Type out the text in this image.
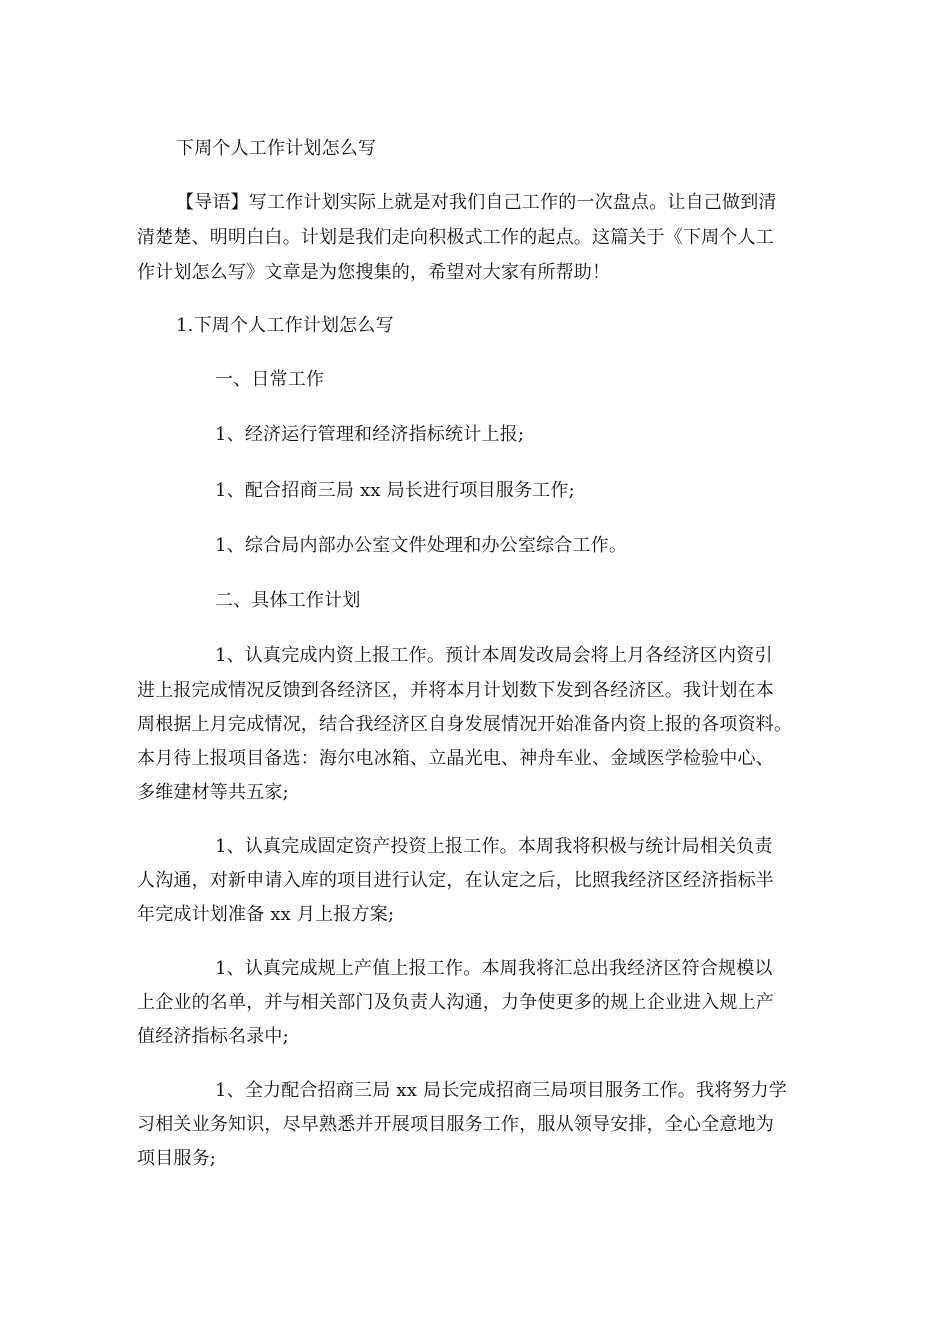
下周个人工作计划怎么写
【导语】写工作计划实际上就是对我们自己工作的一次盘点。让自己做到清
清楚楚、明明白白。计划是我们走向积极式工作的起点。这篇关于《下周个人工
作计划怎么写》文章是为您搜集的，希望对大家有所帮助！
1.下周个人工作计划怎么写
一、日常工作
1、经济运行管理和经济指标统计上报;
1、配合招商三局 xx 局长进行项目服务工作;
1、综合局内部办公室文件处理和办公室综合工作。
二、具体工作计划
1、认真完成内资上报工作。预计本周发改局会将上月各经济区内资引
进上报完成情况反馈到各经济区，并将本月计划数下发到各经济区。我计划在本
周根据上月完成情况，结合我经济区自身发展情况开始准备内资上报的各项资料。
本月待上报项目备选：海尔电冰箱、立晶光电、神舟车业、金域医学检验中心、
多维建材等共五家;
1、认真完成固定资产投资上报工作。本周我将积极与统计局相关负责
人沟通，对新申请入库的项目进行认定，在认定之后，比照我经济区经济指标半
年完成计划准备 xx 月上报方案;
1、认真完成规上产值上报工作。本周我将汇总出我经济区符合规模以
上企业的名单，并与相关部门及负责人沟通，力争使更多的规上企业进入规上产
值经济指标名录中;
1、全力配合招商三局 xx 局长完成招商三局项目服务工作。我将努力学
习相关业务知识，尽早熟悉并开展项目服务工作，服从领导安排，全心全意地为
项目服务;
